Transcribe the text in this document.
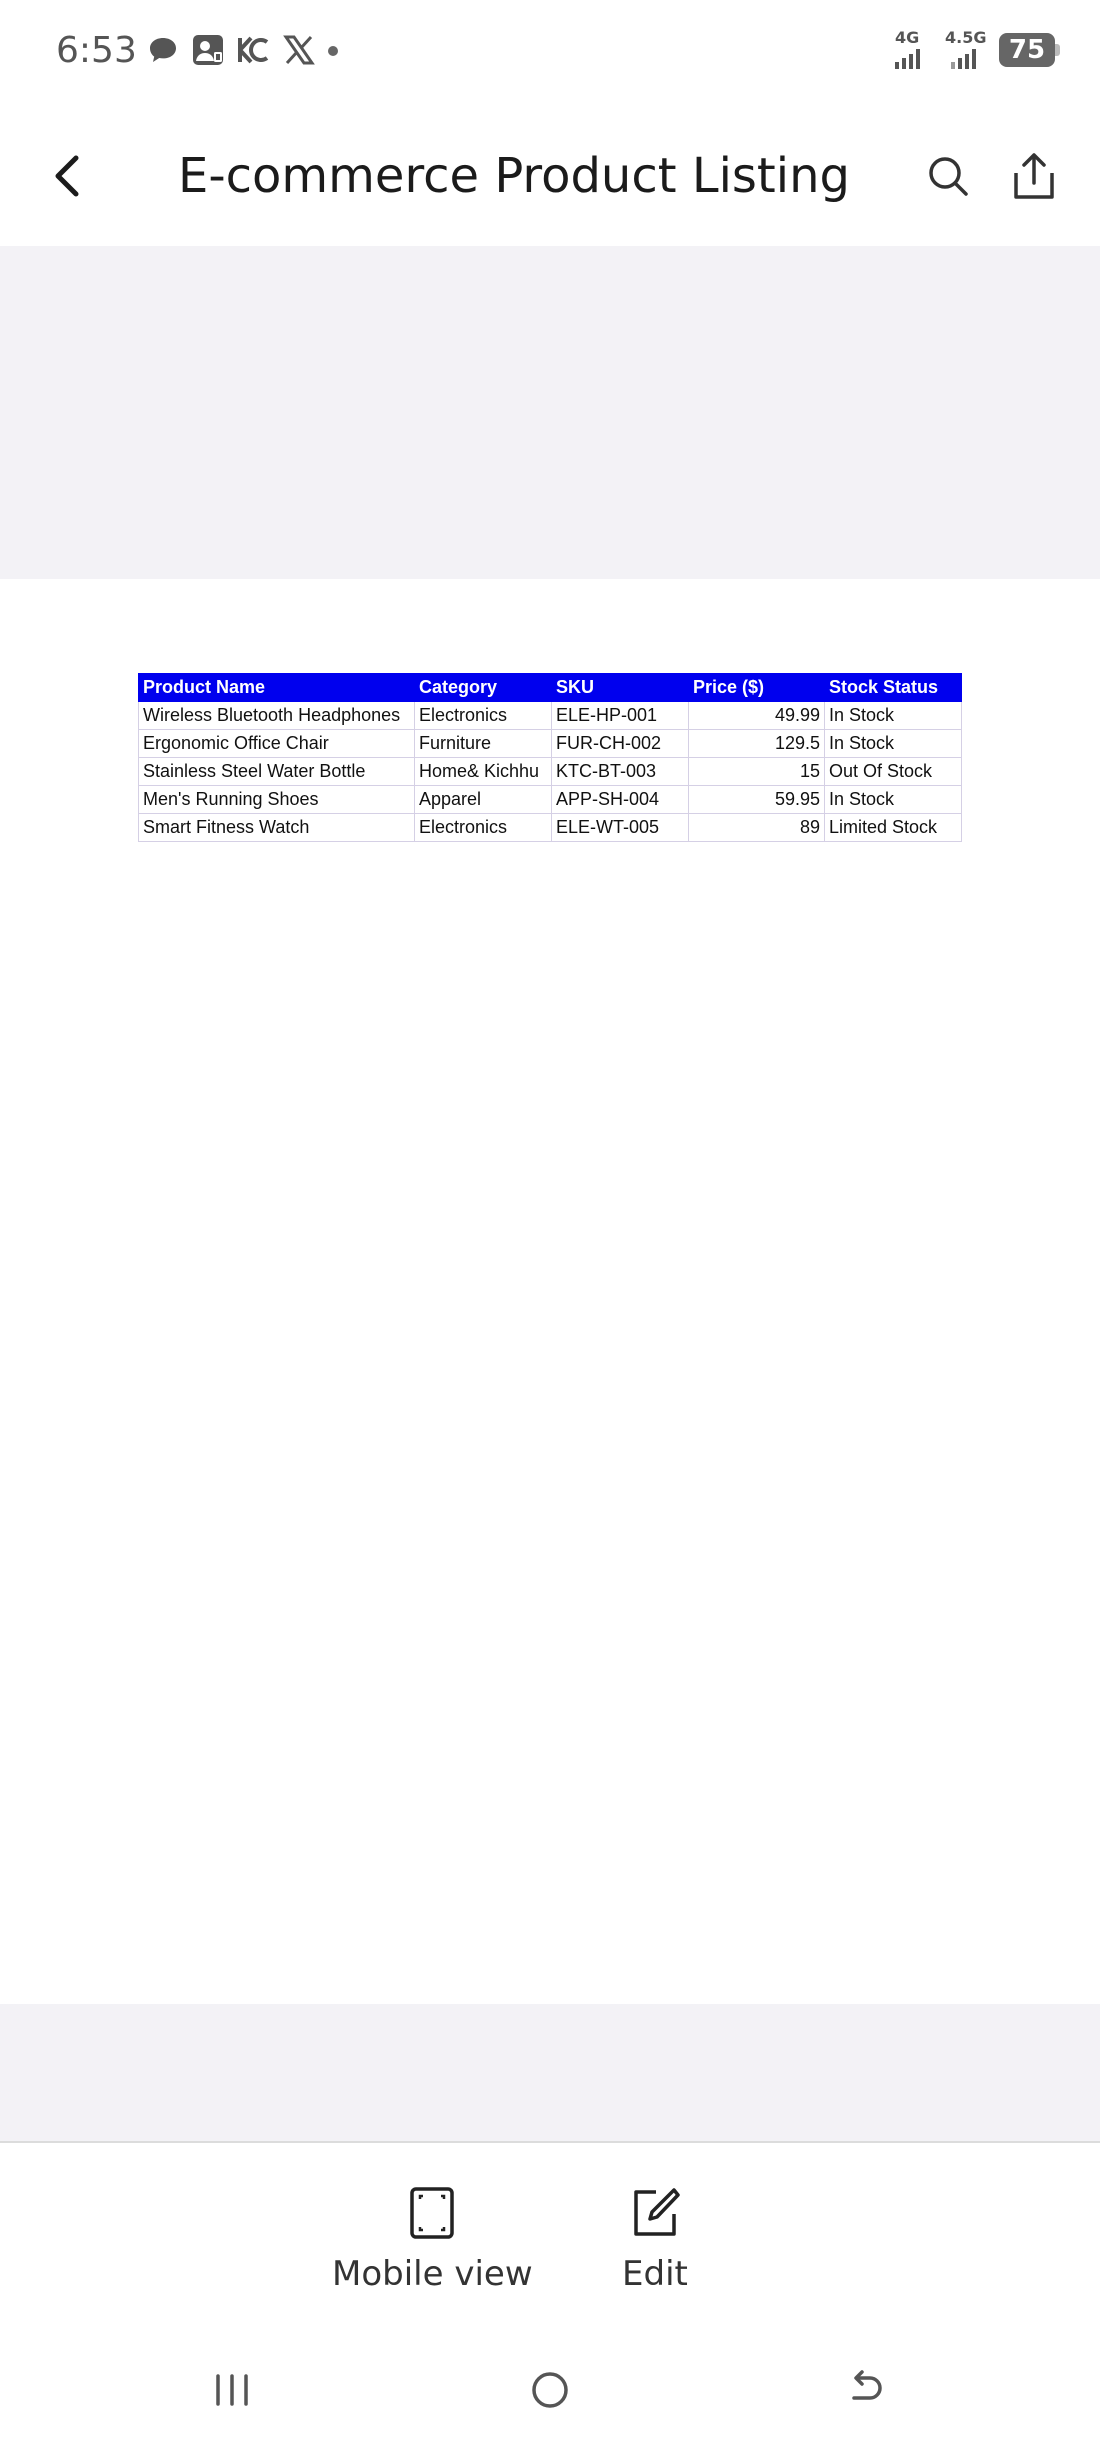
6:53	4G 4.5G 75
E-commerce Product Listing
Product Name	Category	SKU	Price ($)	Stock Status
Wireless Bluetooth Headphones	Electronics	ELE-HP-001	49.99	In Stock
Ergonomic Office Chair	Furniture	FUR-CH-002	129.5	In Stock
Stainless Steel Water Bottle	Home& Kichhu	KTC-BT-003	15	Out Of Stock
Men's Running Shoes	Apparel	APP-SH-004	59.95	In Stock
Smart Fitness Watch	Electronics	ELE-WT-005	89	Limited Stock
Mobile view	Edit
